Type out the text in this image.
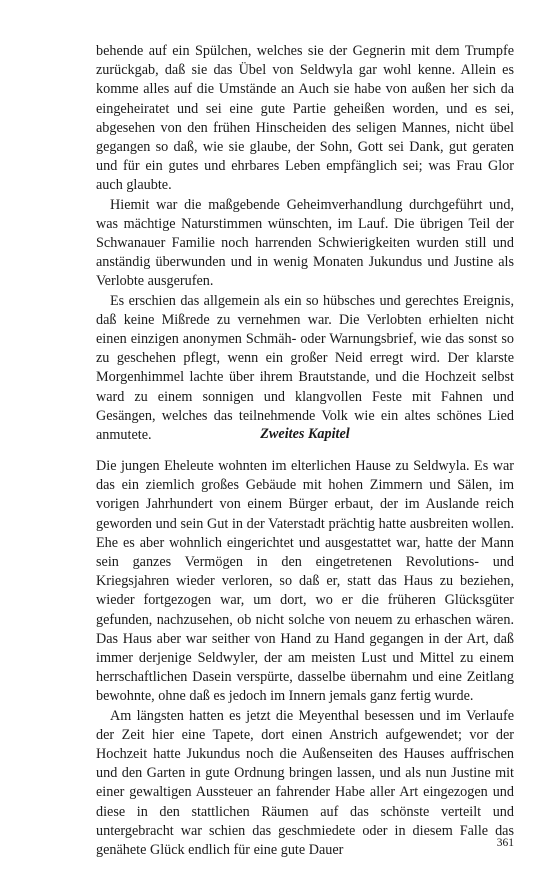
behende auf ein Spülchen, welches sie der Gegnerin mit dem Trumpfe zurückgab, daß sie das Übel von Seldwyla gar wohl kenne. Allein es komme alles auf die Umstände an Auch sie habe von außen her sich da eingeheiratet und sei eine gute Partie geheißen worden, und es sei, abgesehen von den frühen Hinscheiden des seligen Mannes, nicht übel gegangen so daß, wie sie glaube, der Sohn, Gott sei Dank, gut geraten und für ein gutes und ehrbares Leben empfänglich sei; was Frau Glor auch glaubte.

Hiemit war die maßgebende Geheimverhandlung durchgeführt und, was mächtige Naturstimmen wünschten, im Lauf. Die übrigen Teil der Schwanauer Familie noch harrenden Schwierigkeiten wurden still und anständig überwunden und in wenig Monaten Jukundus und Justine als Verlobte ausgerufen.

Es erschien das allgemein als ein so hübsches und gerechtes Ereignis, daß keine Mißrede zu vernehmen war. Die Verlobten erhielten nicht einen einzigen anonymen Schmäh- oder Warnungsbrief, wie das sonst so zu geschehen pflegt, wenn ein großer Neid erregt wird. Der klarste Morgenhimmel lachte über ihrem Brautstande, und die Hochzeit selbst ward zu einem sonnigen und klangvollen Feste mit Fahnen und Gesängen, welches das teilnehmende Volk wie ein altes schönes Lied anmutete.	Zweites Kapitel

Die jungen Eheleute wohnten im elterlichen Hause zu Seldwyla. Es war das ein ziemlich großes Gebäude mit hohen Zimmern und Sälen, im vorigen Jahrhundert von einem Bürger erbaut, der im Auslande reich geworden und sein Gut in der Vaterstadt prächtig hatte ausbreiten wollen. Ehe es aber wohnlich eingerichtet und ausgestattet war, hatte der Mann sein ganzes Vermögen in den eingetretenen Revolutions- und Kriegsjahren wieder verloren, so daß er, statt das Haus zu beziehen, wieder fortgezogen war, um dort, wo er die früheren Glücksgüter gefunden, nachzusehen, ob nicht solche von neuem zu erhaschen wären. Das Haus aber war seither von Hand zu Hand gegangen in der Art, daß immer derjenige Seldwyler, der am meisten Lust und Mittel zu einem herrschaftlichen Dasein verspürte, dasselbe übernahm und eine Zeitlang bewohnte, ohne daß es jedoch im Innern jemals ganz fertig wurde.

Am längsten hatten es jetzt die Meyenthal besessen und im Verlaufe der Zeit hier eine Tapete, dort einen Anstrich aufgewendet; vor der Hochzeit hatte Jukundus noch die Außenseiten des Hauses auffrischen und den Garten in gute Ordnung bringen lassen, und als nun Justine mit einer gewaltigen Aussteuer an fahrender Habe aller Art eingezogen und diese in den stattlichen Räumen auf das schönste verteilt und untergebracht war schien das geschmiedete oder in diesem Falle das genähete Glück endlich für eine gute Dauer	361
